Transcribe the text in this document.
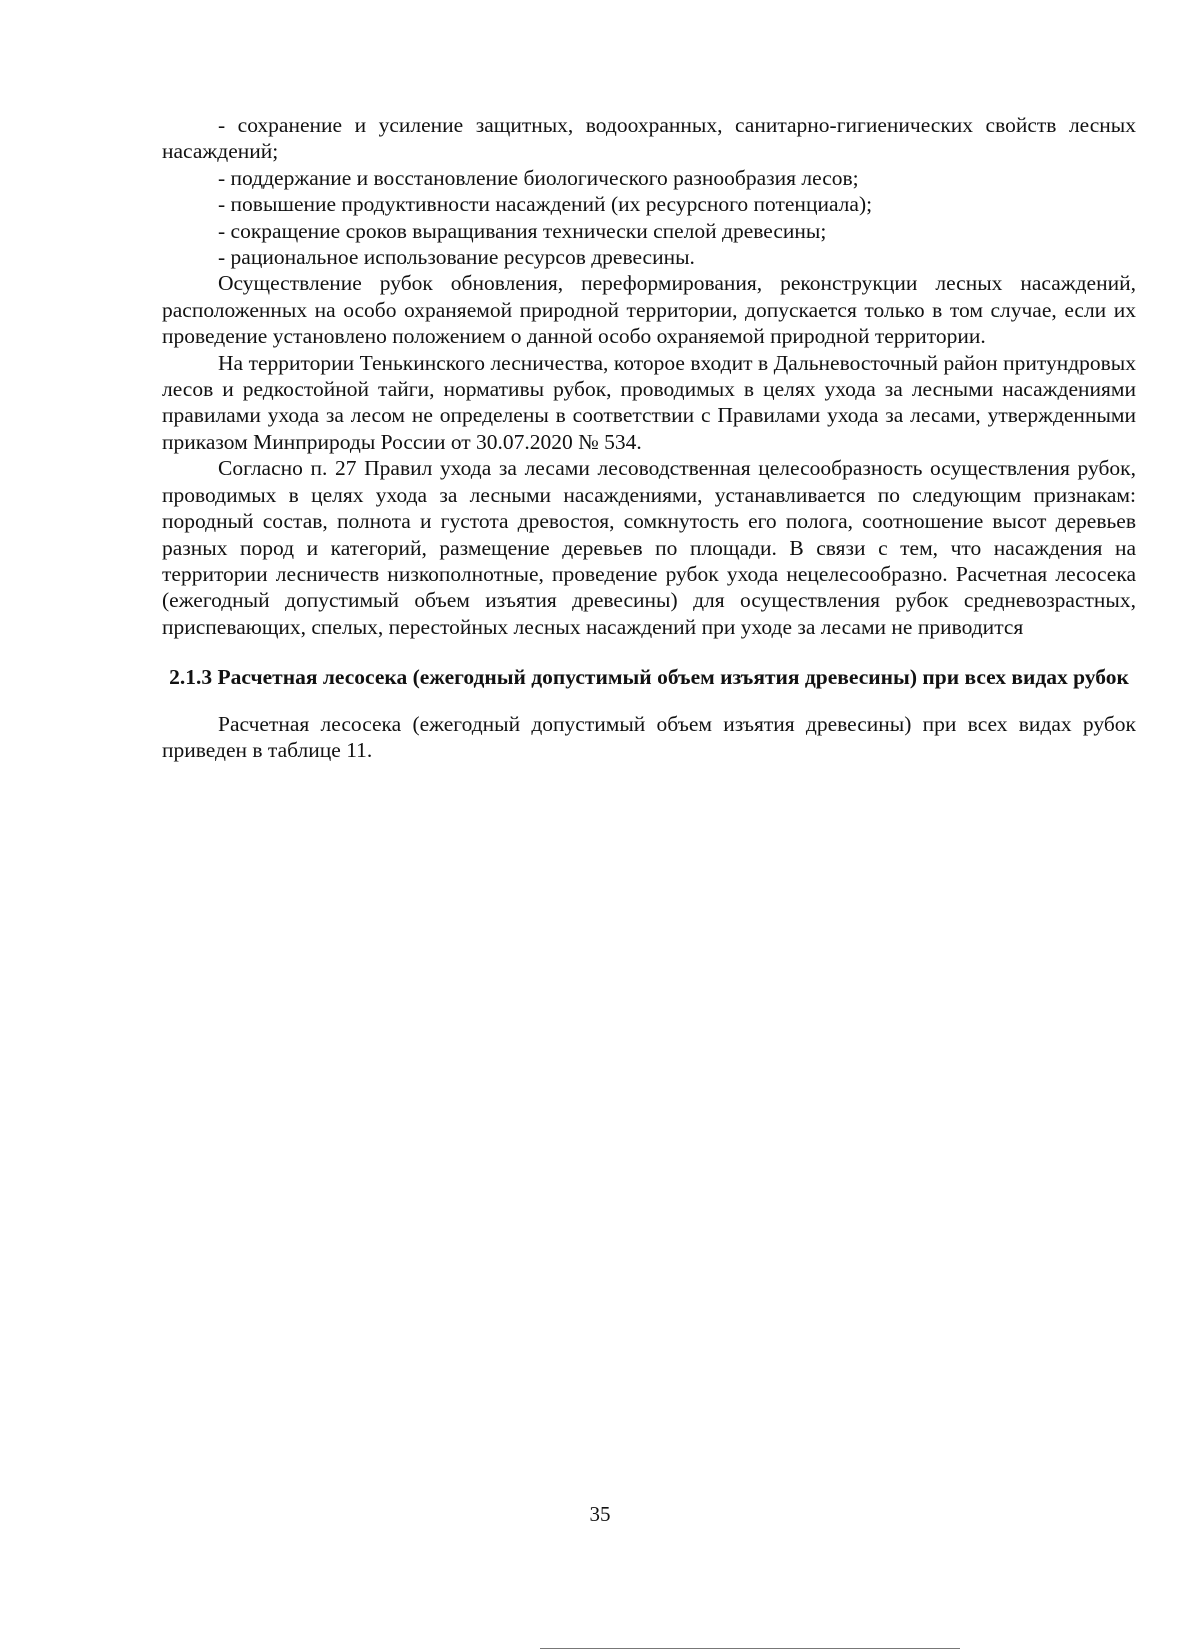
- сохранение и усиление защитных, водоохранных, санитарно-гигиенических свойств лесных насаждений;

- поддержание и восстановление биологического разнообразия лесов;

- повышение продуктивности насаждений (их ресурсного потенциала);

- сокращение сроков выращивания технически спелой древесины;

- рациональное использование ресурсов древесины.

Осуществление рубок обновления, переформирования, реконструкции лесных насаждений, расположенных на особо охраняемой природной территории, допускается только в том случае, если их проведение установлено положением о данной особо охраняемой природной территории.

На территории Тенькинского лесничества, которое входит в Дальневосточный район притундровых лесов и редкостойной тайги, нормативы рубок, проводимых в целях ухода за лесными насаждениями правилами ухода за лесом не определены в соответствии с Правилами ухода за лесами, утвержденными приказом Минприроды России от 30.07.2020 № 534.

Согласно п. 27 Правил ухода за лесами лесоводственная целесообразность осуществления рубок, проводимых в целях ухода за лесными насаждениями, устанавливается по следующим признакам: породный состав, полнота и густота древостоя, сомкнутость его полога, соотношение высот деревьев разных пород и категорий, размещение деревьев по площади. В связи с тем, что насаждения на территории лесничеств низкополнотные, проведение рубок ухода нецелесообразно. Расчетная лесосека (ежегодный допустимый объем изъятия древесины) для осуществления рубок средневозрастных, приспевающих, спелых, перестойных лесных насаждений при уходе за лесами не приводится

2.1.3 Расчетная лесосека (ежегодный допустимый объем изъятия древесины) при всех видах рубок

Расчетная лесосека (ежегодный допустимый объем изъятия древесины) при всех видах рубок приведен в таблице 11.

35
